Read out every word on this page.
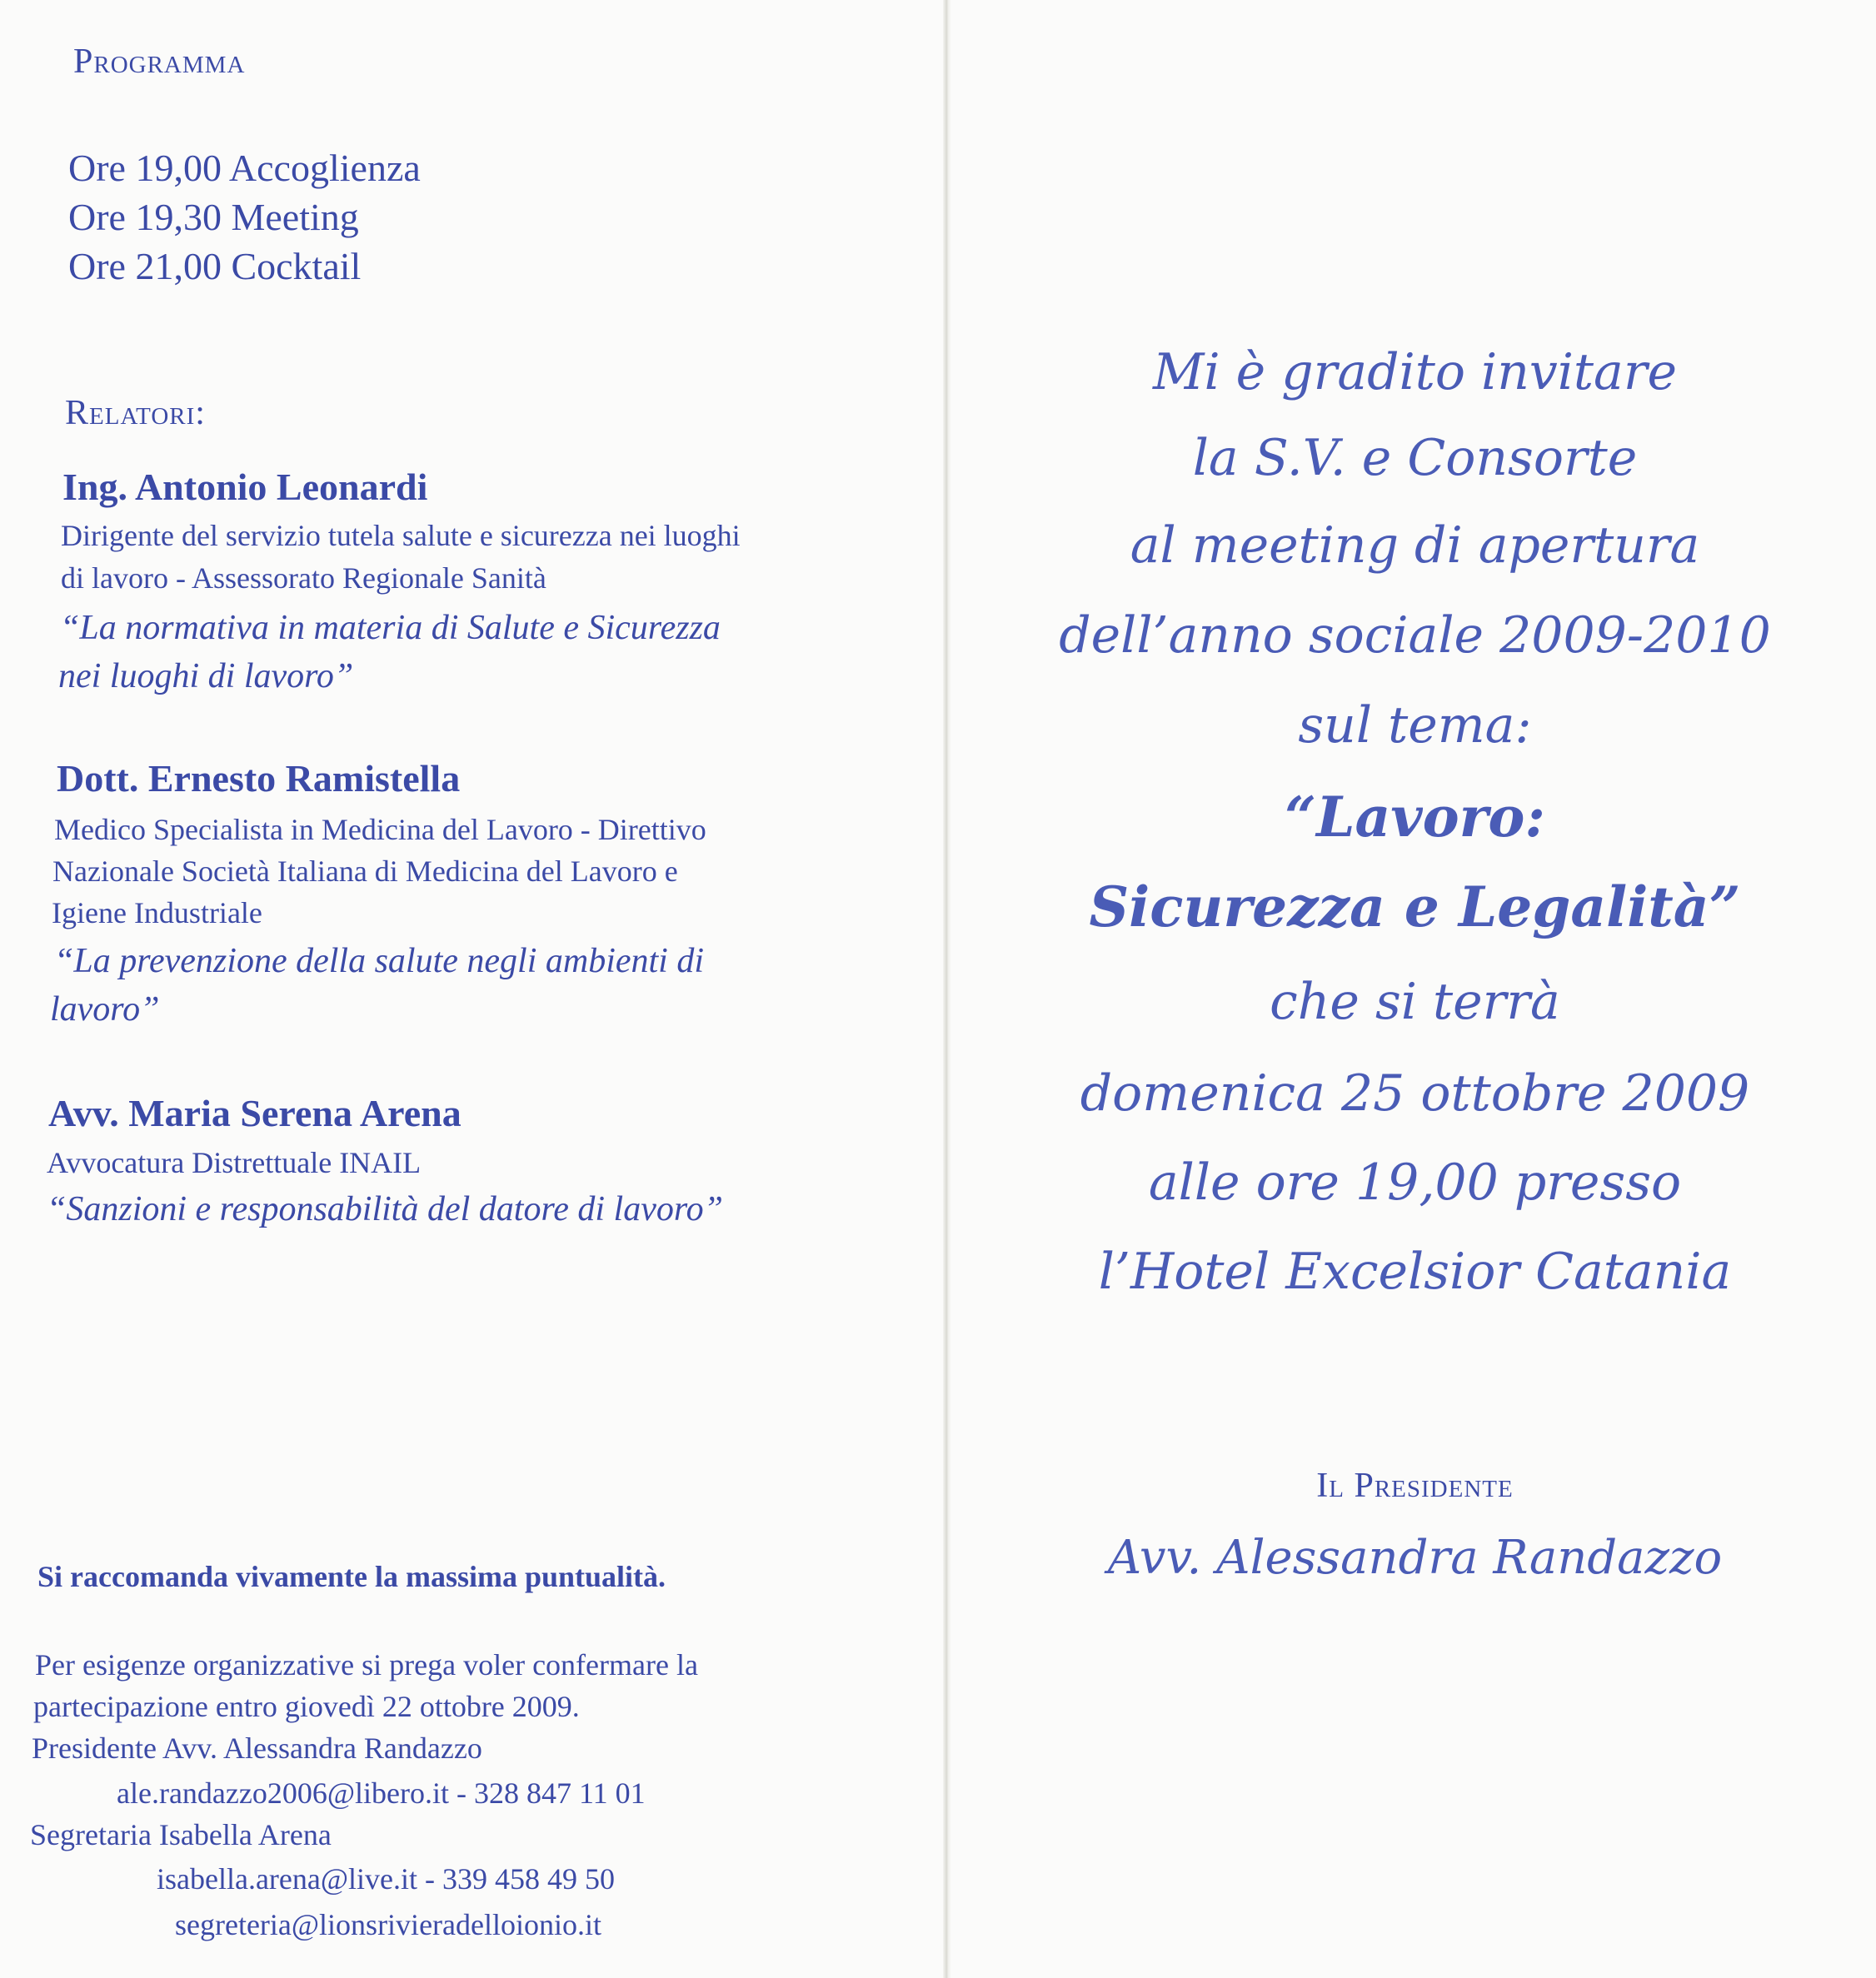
Programma
Ore 19,00 Accoglienza
Ore 19,30 Meeting
Ore 21,00 Cocktail
Relatori:
Ing. Antonio Leonardi
Dirigente del servizio tutela salute e sicurezza nei luoghi
di lavoro - Assessorato Regionale Sanità
“La normativa in materia di Salute e Sicurezza
nei luoghi di lavoro”
Dott. Ernesto Ramistella
Medico Specialista in Medicina del Lavoro - Direttivo
Nazionale Società Italiana di Medicina del Lavoro e
Igiene Industriale
“La prevenzione della salute negli ambienti di
lavoro”
Avv. Maria Serena Arena
Avvocatura Distrettuale INAIL
“Sanzioni e responsabilità del datore di lavoro”
Si raccomanda vivamente la massima puntualità.
Per esigenze organizzative si prega voler confermare la
partecipazione entro giovedì 22 ottobre 2009.
Presidente Avv. Alessandra Randazzo
ale.randazzo2006@libero.it - 328 847 11 01
Segretaria Isabella Arena
isabella.arena@live.it - 339 458 49 50
segreteria@lionsrivieradelloionio.it
Mi è gradito invitare
la S.V. e Consorte
al meeting di apertura
dell’anno sociale 2009-2010
sul tema:
“Lavoro:
Sicurezza e Legalità”
che si terrà
domenica 25 ottobre 2009
alle ore 19,00 presso
l’Hotel Excelsior Catania
Il Presidente
Avv. Alessandra Randazzo
